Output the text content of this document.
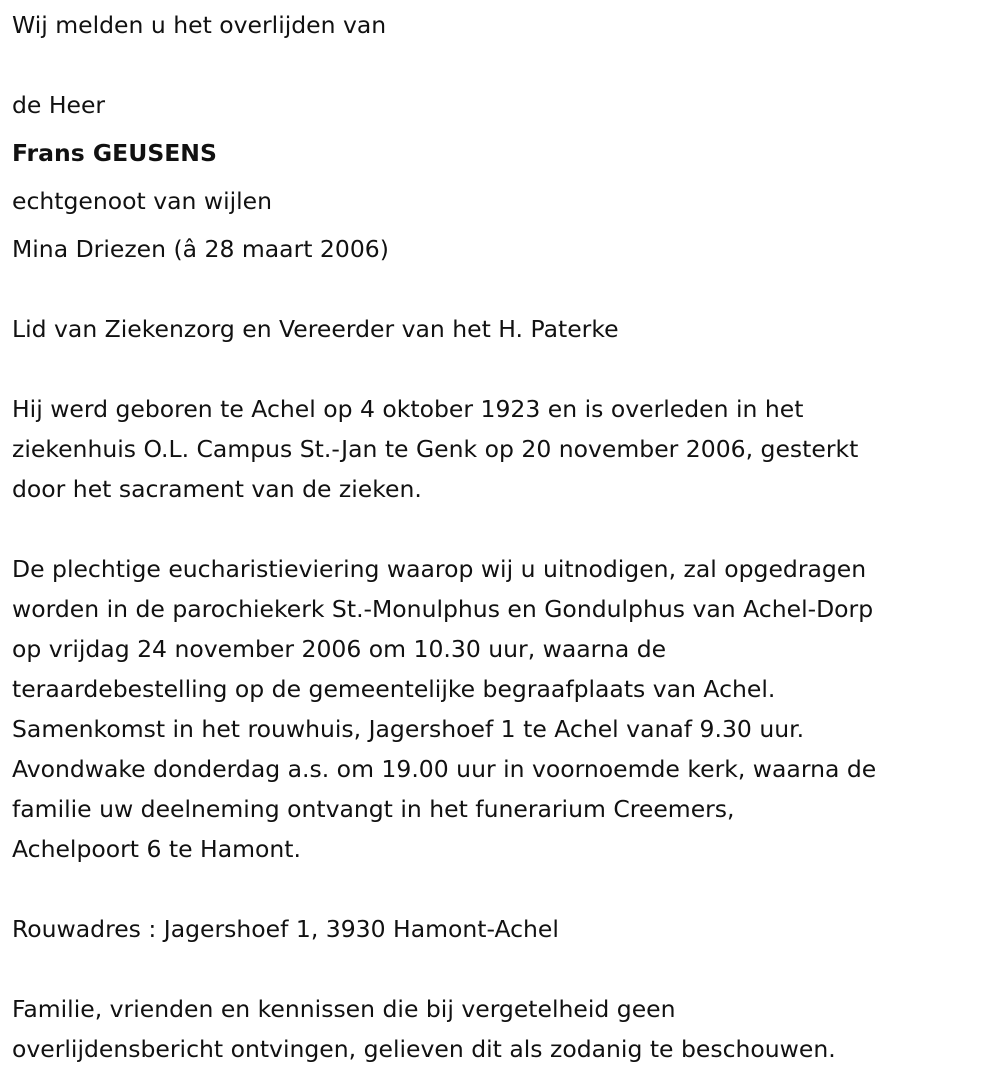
Wij melden u het overlijden van
de Heer
Frans GEUSENS
echtgenoot van wijlen
Mina Driezen (â 28 maart 2006)
Lid van Ziekenzorg en Vereerder van het H. Paterke
Hij werd geboren te Achel op 4 oktober 1923 en is overleden in het
ziekenhuis O.L. Campus St.-Jan te Genk op 20 november 2006, gesterkt
door het sacrament van de zieken.
De plechtige eucharistieviering waarop wij u uitnodigen, zal opgedragen
worden in de parochiekerk St.-Monulphus en Gondulphus van Achel-Dorp
op vrijdag 24 november 2006 om 10.30 uur, waarna de
teraardebestelling op de gemeentelijke begraafplaats van Achel.
Samenkomst in het rouwhuis, Jagershoef 1 te Achel vanaf 9.30 uur.
Avondwake donderdag a.s. om 19.00 uur in voornoemde kerk, waarna de
familie uw deelneming ontvangt in het funerarium Creemers,
Achelpoort 6 te Hamont.
Rouwadres : Jagershoef 1, 3930 Hamont-Achel
Familie, vrienden en kennissen die bij vergetelheid geen
overlijdensbericht ontvingen, gelieven dit als zodanig te beschouwen.
